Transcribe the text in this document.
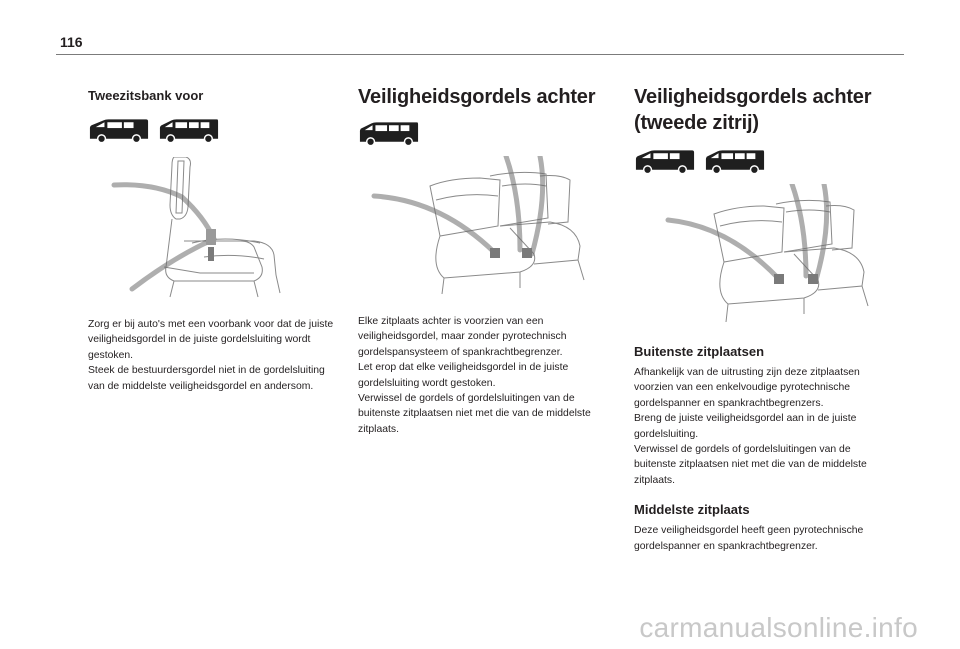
116
Tweezitsbank voor
Zorg er bij auto's met een voorbank voor dat de juiste veiligheidsgordel in de juiste gordelsluiting wordt gestoken.
Steek de bestuurdersgordel niet in de gordelsluiting van de middelste veiligheidsgordel en andersom.
Veiligheidsgordels achter
Elke zitplaats achter is voorzien van een veiligheidsgordel, maar zonder pyrotechnisch gordelspansysteem of spankrachtbegrenzer.
Let erop dat elke veiligheidsgordel in de juiste gordelsluiting wordt gestoken.
Verwissel de gordels of gordelsluitingen van de buitenste zitplaatsen niet met die van de middelste zitplaats.
Veiligheidsgordels achter
(tweede zitrij)
Buitenste zitplaatsen
Afhankelijk van de uitrusting zijn deze zitplaatsen voorzien van een enkelvoudige pyrotechnische gordelspanner en spankrachtbegrenzers.
Breng de juiste veiligheidsgordel aan in de juiste gordelsluiting.
Verwissel de gordels of gordelsluitingen van de buitenste zitplaatsen niet met die van de middelste zitplaats.
Middelste zitplaats
Deze veiligheidsgordel heeft geen pyrotechnische gordelspanner en spankrachtbegrenzer.
carmanualsonline.info
